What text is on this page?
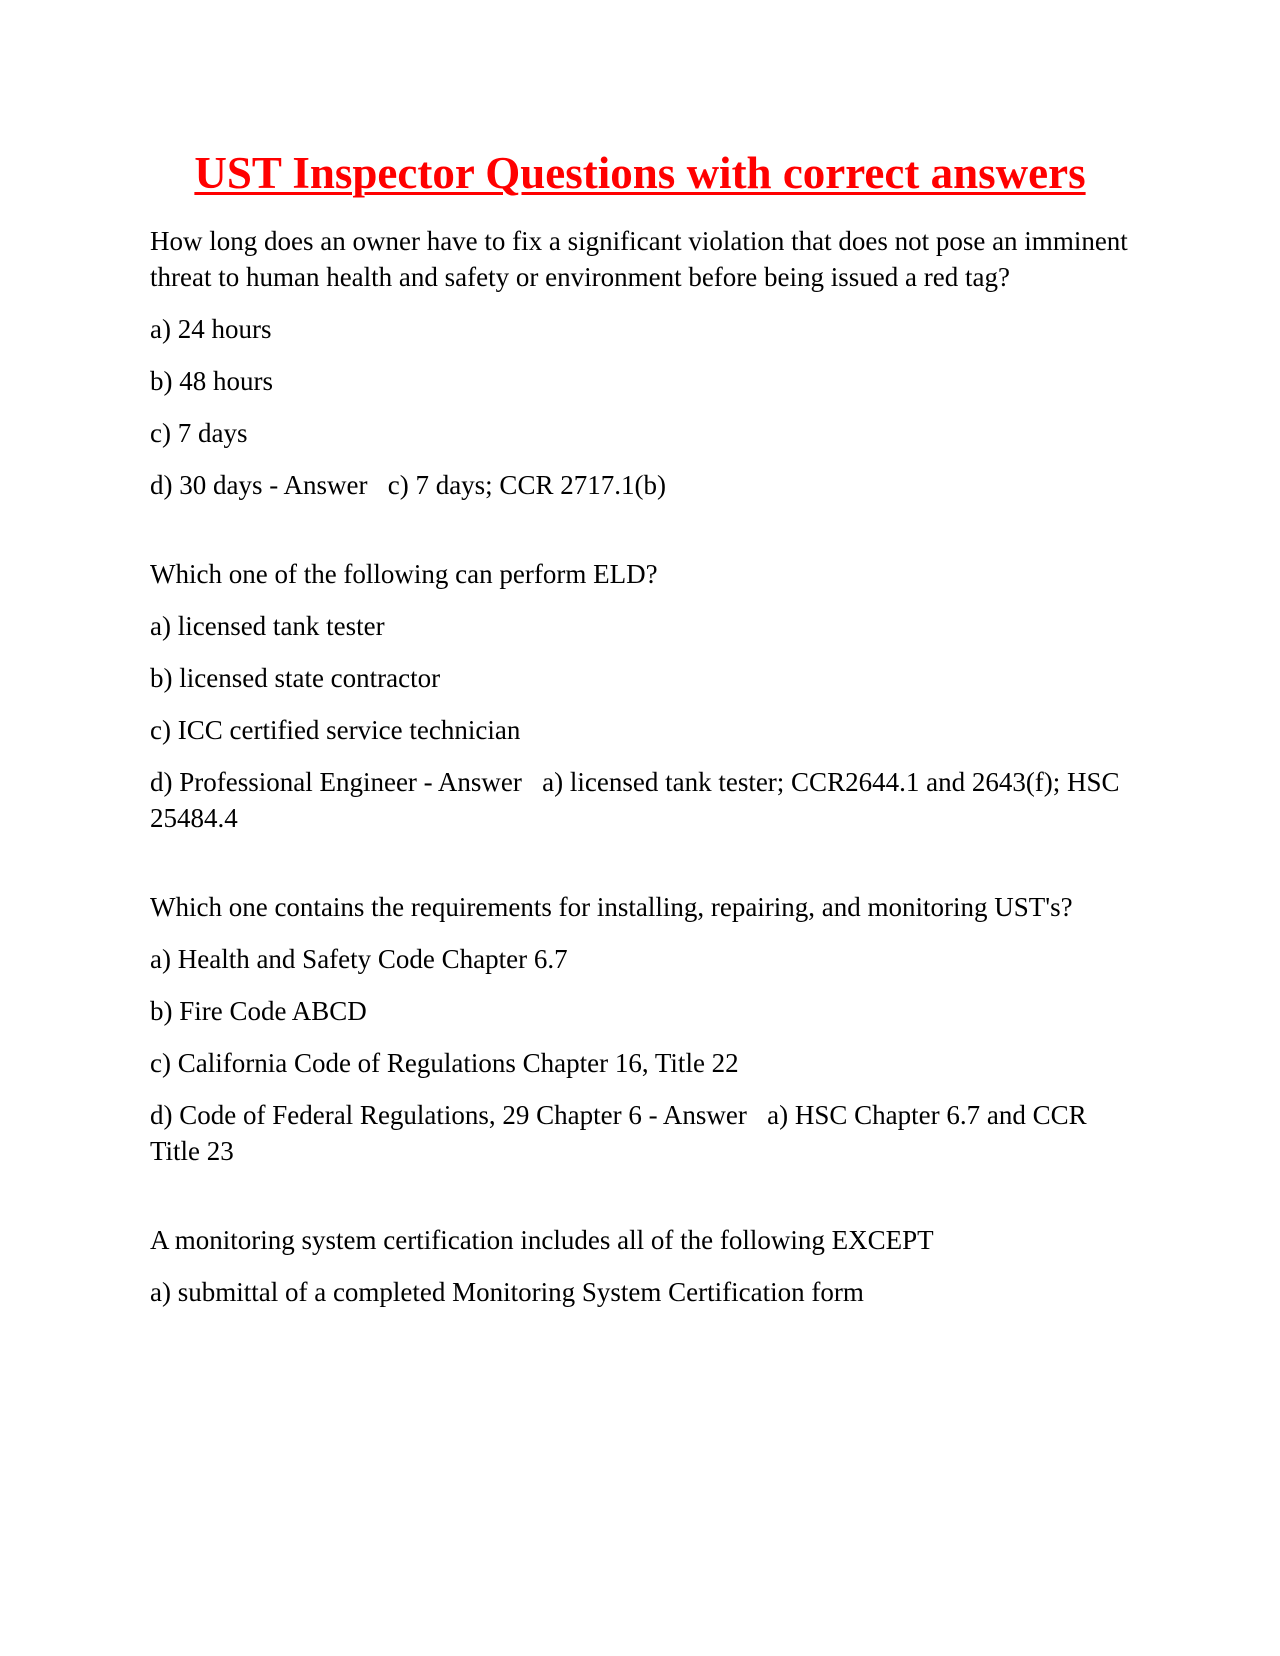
UST Inspector Questions with correct answers

How long does an owner have to fix a significant violation that does not pose an imminent threat to human health and safety or environment before being issued a red tag?

a) 24 hours

b) 48 hours

c) 7 days

d) 30 days - Answer   c) 7 days; CCR 2717.1(b)

Which one of the following can perform ELD?

a) licensed tank tester

b) licensed state contractor

c) ICC certified service technician

d) Professional Engineer - Answer   a) licensed tank tester; CCR2644.1 and 2643(f); HSC 25484.4

Which one contains the requirements for installing, repairing, and monitoring UST's?

a) Health and Safety Code Chapter 6.7

b) Fire Code ABCD

c) California Code of Regulations Chapter 16, Title 22

d) Code of Federal Regulations, 29 Chapter 6 - Answer   a) HSC Chapter 6.7 and CCR Title 23

A monitoring system certification includes all of the following EXCEPT

a) submittal of a completed Monitoring System Certification form
